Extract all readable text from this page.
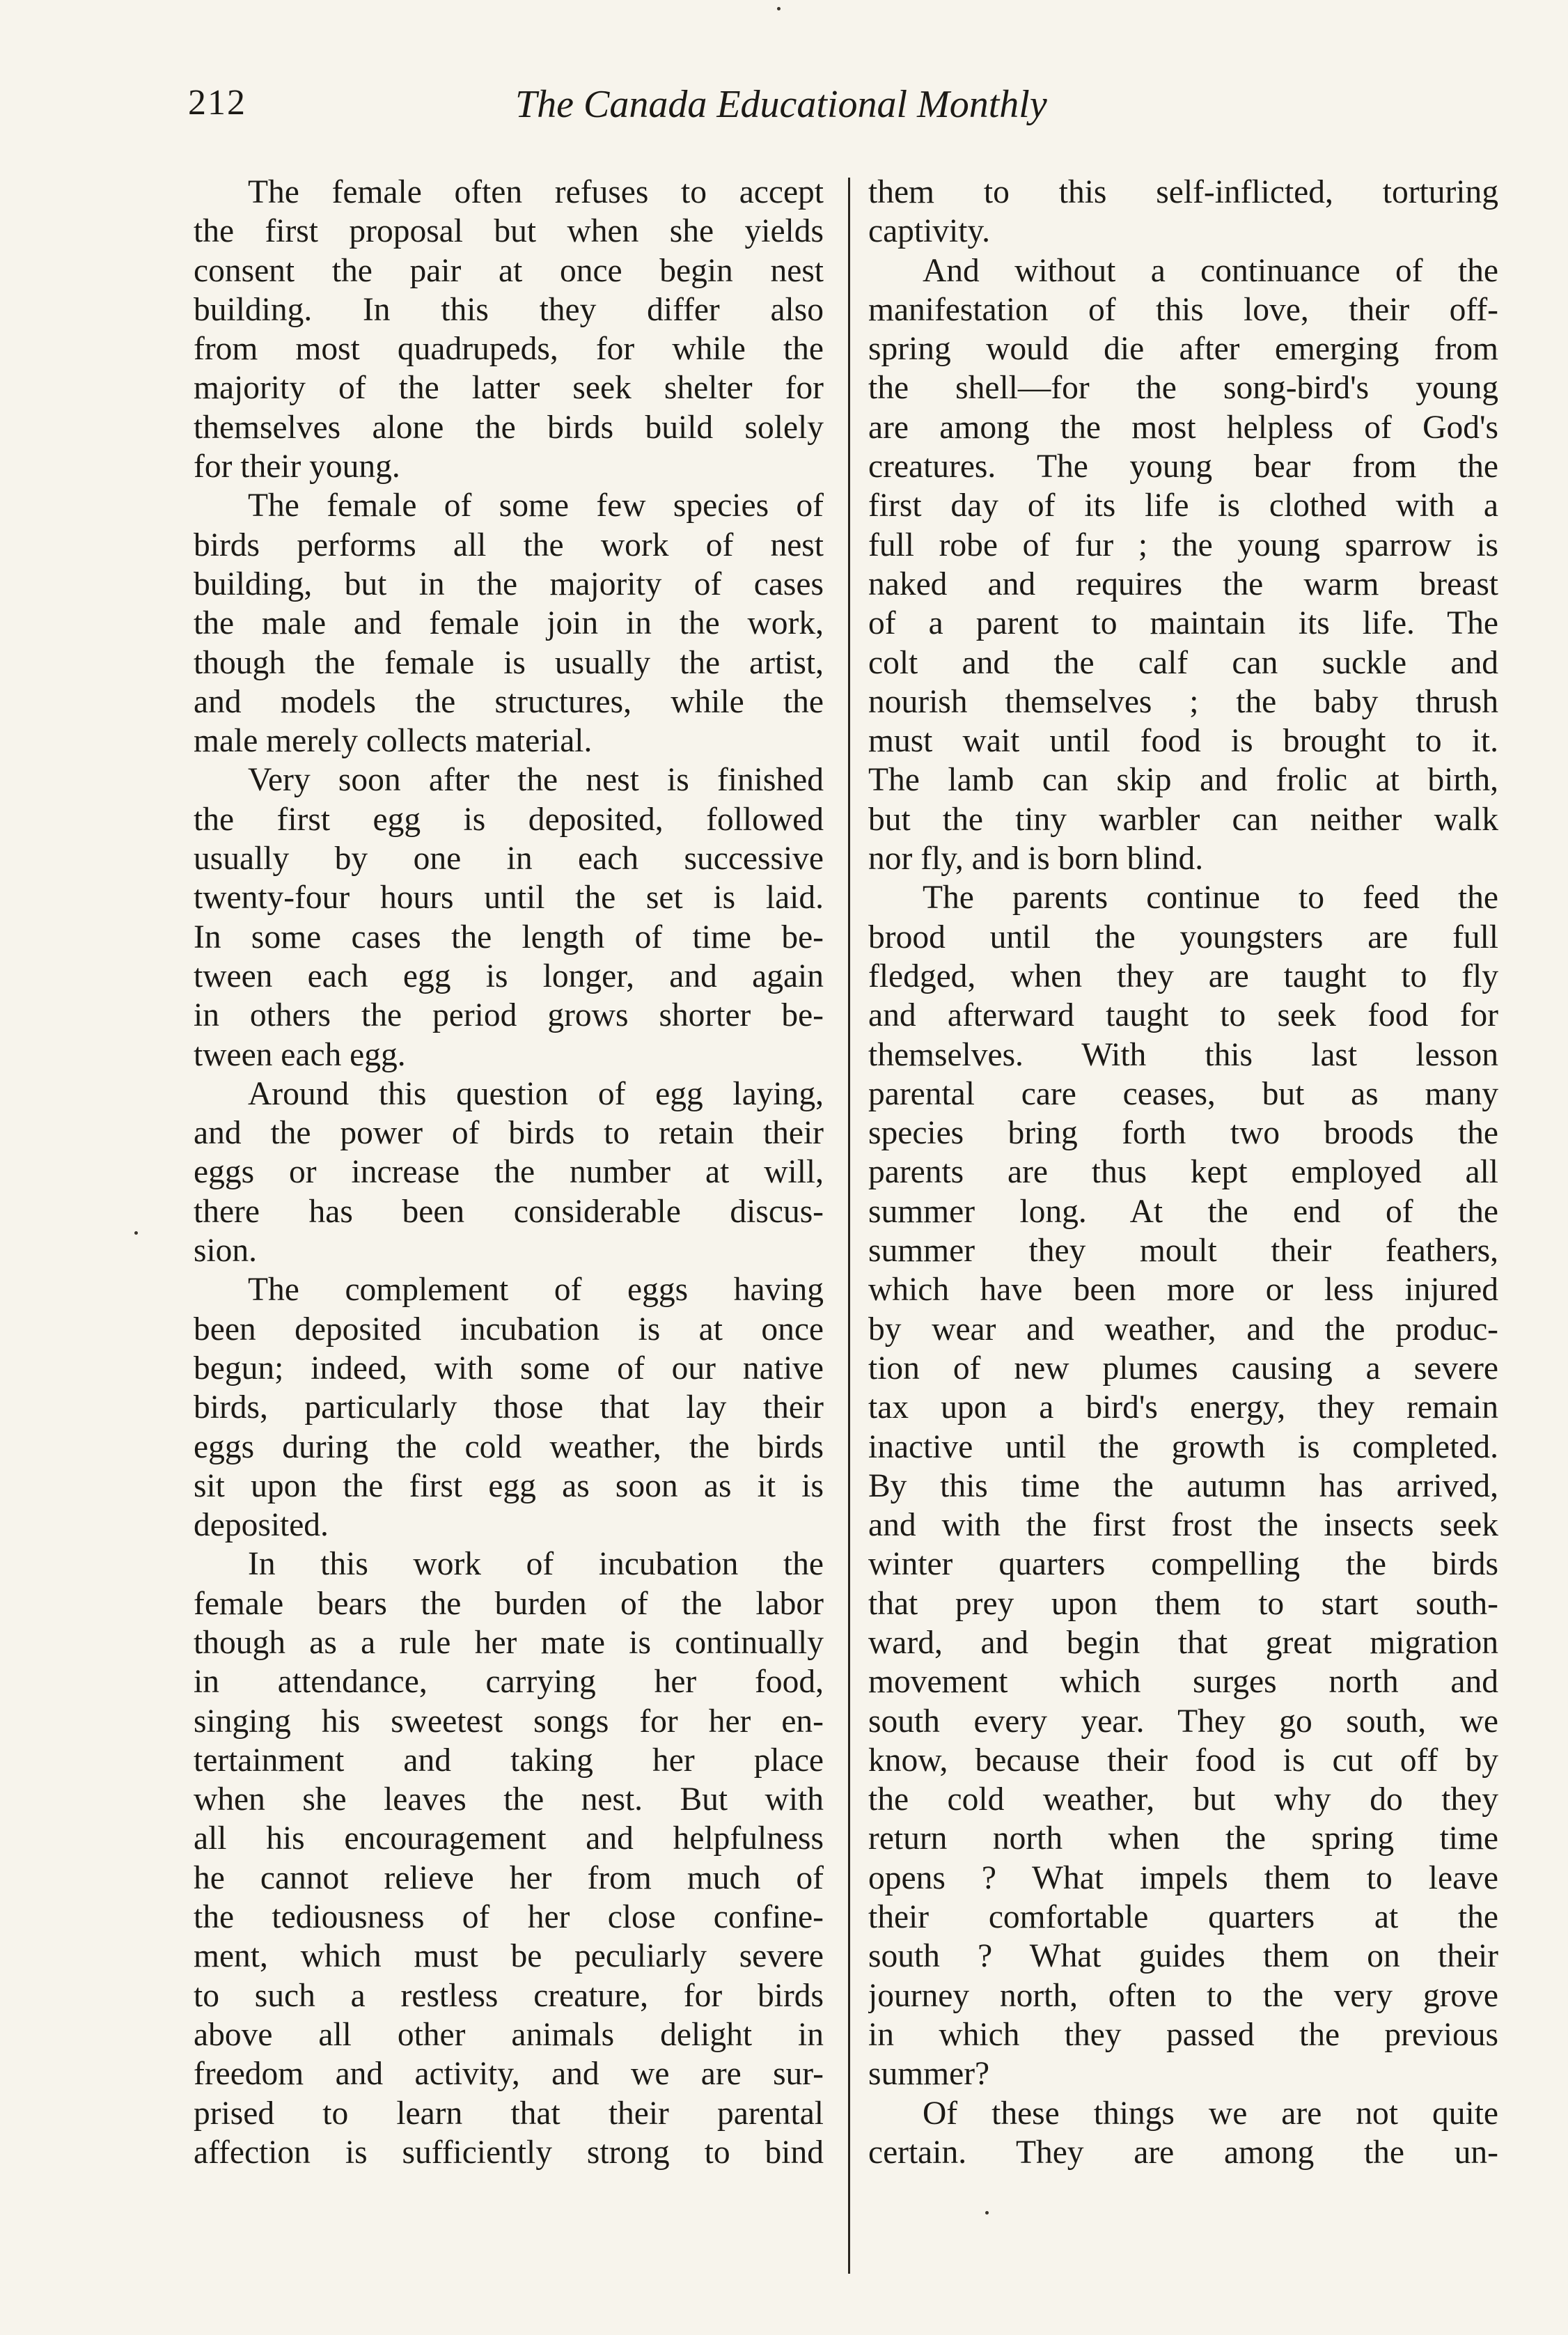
212	The Canada Educational Monthly
The female often refuses to accept
the first proposal but when she yields
consent the pair at once begin nest
building. In this they differ also
from most quadrupeds, for while the
majority of the latter seek shelter for
themselves alone the birds build solely
for their young.
The female of some few species of
birds performs all the work of nest
building, but in the majority of cases
the male and female join in the work,
though the female is usually the artist,
and models the structures, while the
male merely collects material.
Very soon after the nest is finished
the first egg is deposited, followed
usually by one in each successive
twenty-four hours until the set is laid.
In some cases the length of time be-
tween each egg is longer, and again
in others the period grows shorter be-
tween each egg.
Around this question of egg laying,
and the power of birds to retain their
eggs or increase the number at will,
there has been considerable discus-
sion.
The complement of eggs having
been deposited incubation is at once
begun; indeed, with some of our native
birds, particularly those that lay their
eggs during the cold weather, the birds
sit upon the first egg as soon as it is
deposited.
In this work of incubation the
female bears the burden of the labor
though as a rule her mate is continually
in attendance, carrying her food,
singing his sweetest songs for her en-
tertainment and taking her place
when she leaves the nest. But with
all his encouragement and helpfulness
he cannot relieve her from much of
the tediousness of her close confine-
ment, which must be peculiarly severe
to such a restless creature, for birds
above all other animals delight in
freedom and activity, and we are sur-
prised to learn that their parental
affection is sufficiently strong to bind
them to this self-inflicted, torturing
captivity.
And without a continuance of the
manifestation of this love, their off-
spring would die after emerging from
the shell—for the song-bird's young
are among the most helpless of God's
creatures. The young bear from the
first day of its life is clothed with a
full robe of fur ; the young sparrow is
naked and requires the warm breast
of a parent to maintain its life. The
colt and the calf can suckle and
nourish themselves ; the baby thrush
must wait until food is brought to it.
The lamb can skip and frolic at birth,
but the tiny warbler can neither walk
nor fly, and is born blind.
The parents continue to feed the
brood until the youngsters are full
fledged, when they are taught to fly
and afterward taught to seek food for
themselves. With this last lesson
parental care ceases, but as many
species bring forth two broods the
parents are thus kept employed all
summer long. At the end of the
summer they moult their feathers,
which have been more or less injured
by wear and weather, and the produc-
tion of new plumes causing a severe
tax upon a bird's energy, they remain
inactive until the growth is completed.
By this time the autumn has arrived,
and with the first frost the insects seek
winter quarters compelling the birds
that prey upon them to start south-
ward, and begin that great migration
movement which surges north and
south every year. They go south, we
know, because their food is cut off by
the cold weather, but why do they
return north when the spring time
opens ? What impels them to leave
their comfortable quarters at the
south ? What guides them on their
journey north, often to the very grove
in which they passed the previous
summer?
Of these things we are not quite
certain. They are among the un-
